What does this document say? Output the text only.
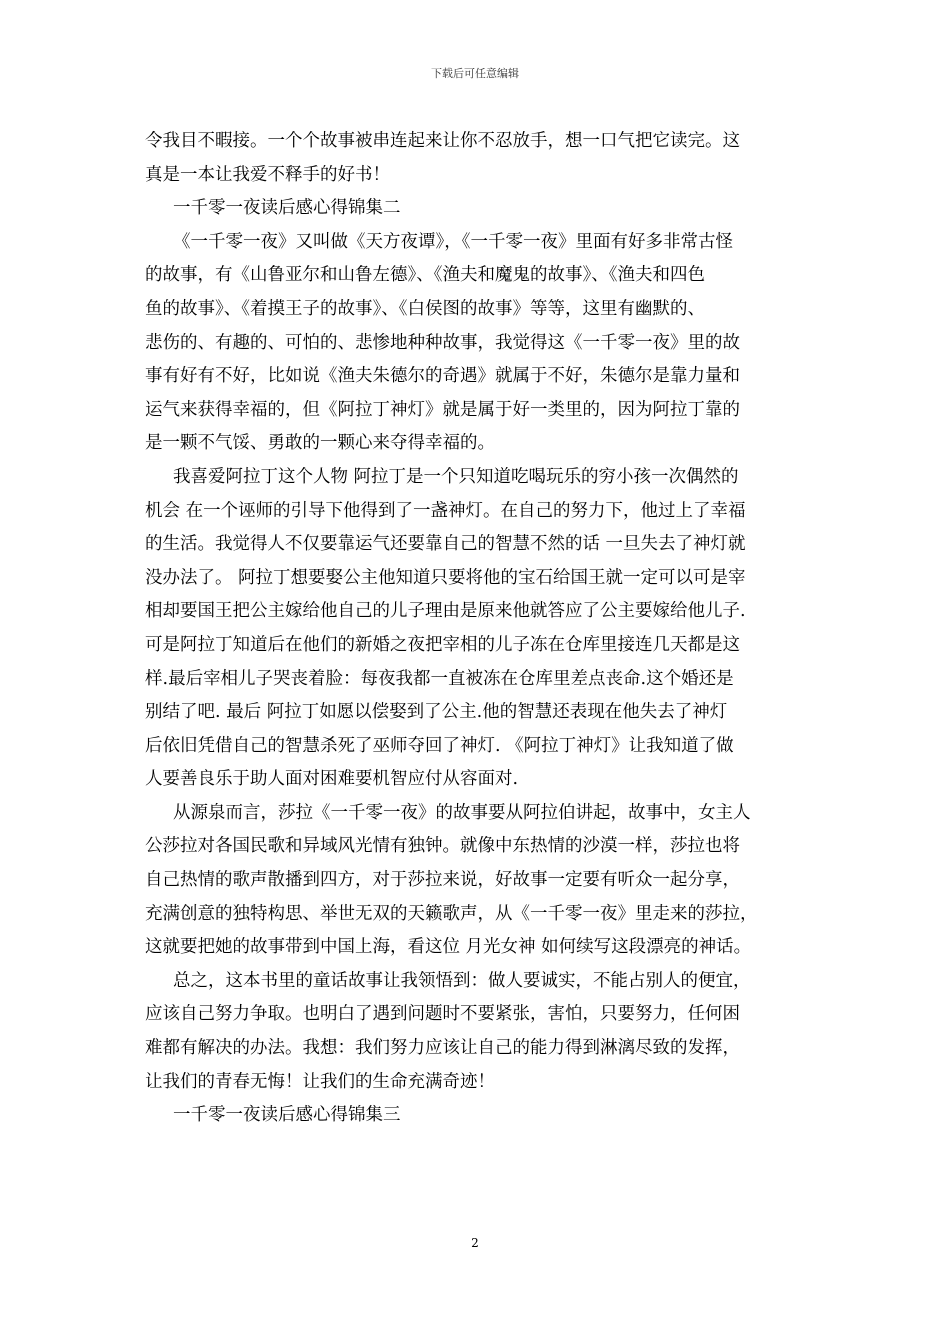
下载后可任意编辑
令我目不暇接。一个个故事被串连起来让你不忍放手，想一口气把它读完。这
真是一本让我爱不释手的好书！
一千零一夜读后感心得锦集二
《一千零一夜》又叫做《天方夜谭》，《一千零一夜》里面有好多非常古怪
的故事，有《山鲁亚尔和山鲁左德》、《渔夫和魔鬼的故事》、《渔夫和四色
鱼的故事》、《着摸王子的故事》、《白侯图的故事》等等，这里有幽默的、
悲伤的、有趣的、可怕的、悲惨地种种故事，我觉得这《一千零一夜》里的故
事有好有不好，比如说《渔夫朱德尔的奇遇》就属于不好，朱德尔是靠力量和
运气来获得幸福的，但《阿拉丁神灯》就是属于好一类里的，因为阿拉丁靠的
是一颗不气馁、勇敢的一颗心来夺得幸福的。
我喜爱阿拉丁这个人物 阿拉丁是一个只知道吃喝玩乐的穷小孩一次偶然的
机会 在一个诬师的引导下他得到了一盏神灯。在自己的努力下，他过上了幸福
的生活。我觉得人不仅要靠运气还要靠自己的智慧不然的话 一旦失去了神灯就
没办法了。 阿拉丁想要娶公主他知道只要将他的宝石给国王就一定可以可是宰
相却要国王把公主嫁给他自己的儿子理由是原来他就答应了公主要嫁给他儿子.
可是阿拉丁知道后在他们的新婚之夜把宰相的儿子冻在仓库里接连几天都是这
样.最后宰相儿子哭丧着脸：每夜我都一直被冻在仓库里差点丧命.这个婚还是
别结了吧. 最后 阿拉丁如愿以偿娶到了公主.他的智慧还表现在他失去了神灯
后依旧凭借自己的智慧杀死了巫师夺回了神灯. 《阿拉丁神灯》让我知道了做
人要善良乐于助人面对困难要机智应付从容面对.
从源泉而言，莎拉《一千零一夜》的故事要从阿拉伯讲起，故事中，女主人
公莎拉对各国民歌和异域风光情有独钟。就像中东热情的沙漠一样，莎拉也将
自己热情的歌声散播到四方，对于莎拉来说，好故事一定要有听众一起分享，
充满创意的独特构思、举世无双的天籁歌声，从《一千零一夜》里走来的莎拉，
这就要把她的故事带到中国上海，看这位 月光女神 如何续写这段漂亮的神话。
总之，这本书里的童话故事让我领悟到：做人要诚实，不能占别人的便宜，
应该自己努力争取。也明白了遇到问题时不要紧张，害怕，只要努力，任何困
难都有解决的办法。我想：我们努力应该让自己的能力得到淋漓尽致的发挥，
让我们的青春无悔！让我们的生命充满奇迹！
一千零一夜读后感心得锦集三
2
